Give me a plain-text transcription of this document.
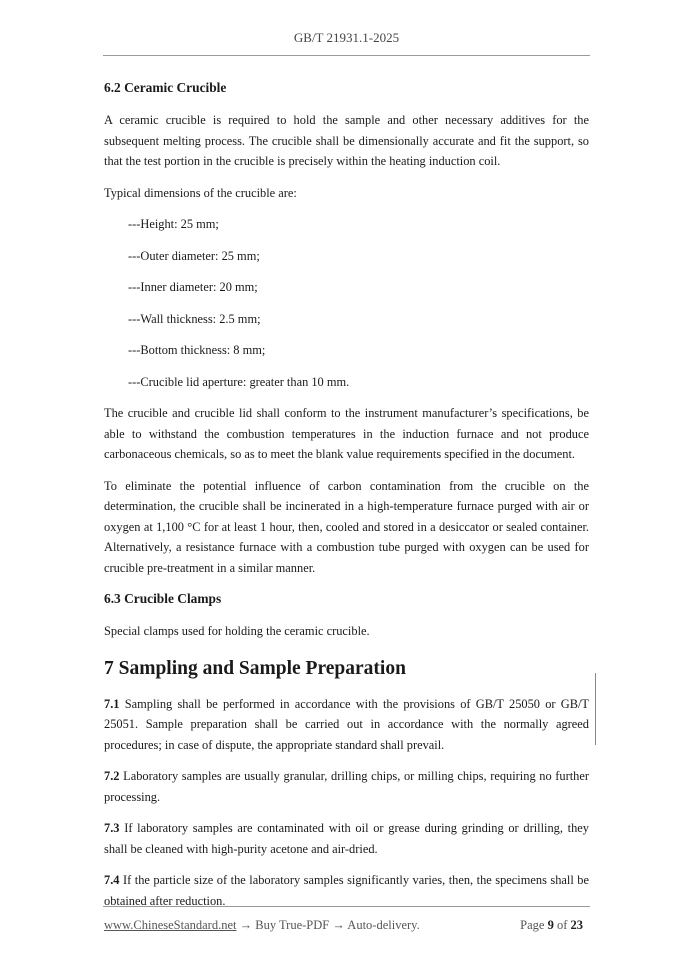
GB/T 21931.1-2025
6.2 Ceramic Crucible

A ceramic crucible is required to hold the sample and other necessary additives for the subsequent melting process. The crucible shall be dimensionally accurate and fit the support, so that the test portion in the crucible is precisely within the heating induction coil.

Typical dimensions of the crucible are:

---Height: 25 mm;
---Outer diameter: 25 mm;
---Inner diameter: 20 mm;
---Wall thickness: 2.5 mm;
---Bottom thickness: 8 mm;
---Crucible lid aperture: greater than 10 mm.

The crucible and crucible lid shall conform to the instrument manufacturer’s specifications, be able to withstand the combustion temperatures in the induction furnace and not produce carbonaceous chemicals, so as to meet the blank value requirements specified in the document.

To eliminate the potential influence of carbon contamination from the crucible on the determination, the crucible shall be incinerated in a high-temperature furnace purged with air or oxygen at 1,100 °C for at least 1 hour, then, cooled and stored in a desiccator or sealed container. Alternatively, a resistance furnace with a combustion tube purged with oxygen can be used for crucible pre-treatment in a similar manner.

6.3 Crucible Clamps

Special clamps used for holding the ceramic crucible.

7 Sampling and Sample Preparation

7.1 Sampling shall be performed in accordance with the provisions of GB/T 25050 or GB/T 25051. Sample preparation shall be carried out in accordance with the normally agreed procedures; in case of dispute, the appropriate standard shall prevail.

7.2 Laboratory samples are usually granular, drilling chips, or milling chips, requiring no further processing.

7.3 If laboratory samples are contaminated with oil or grease during grinding or drilling, they shall be cleaned with high-purity acetone and air-dried.

7.4 If the particle size of the laboratory samples significantly varies, then, the specimens shall be obtained after reduction.

www.ChineseStandard.net → Buy True-PDF → Auto-delivery.	Page 9 of 23
